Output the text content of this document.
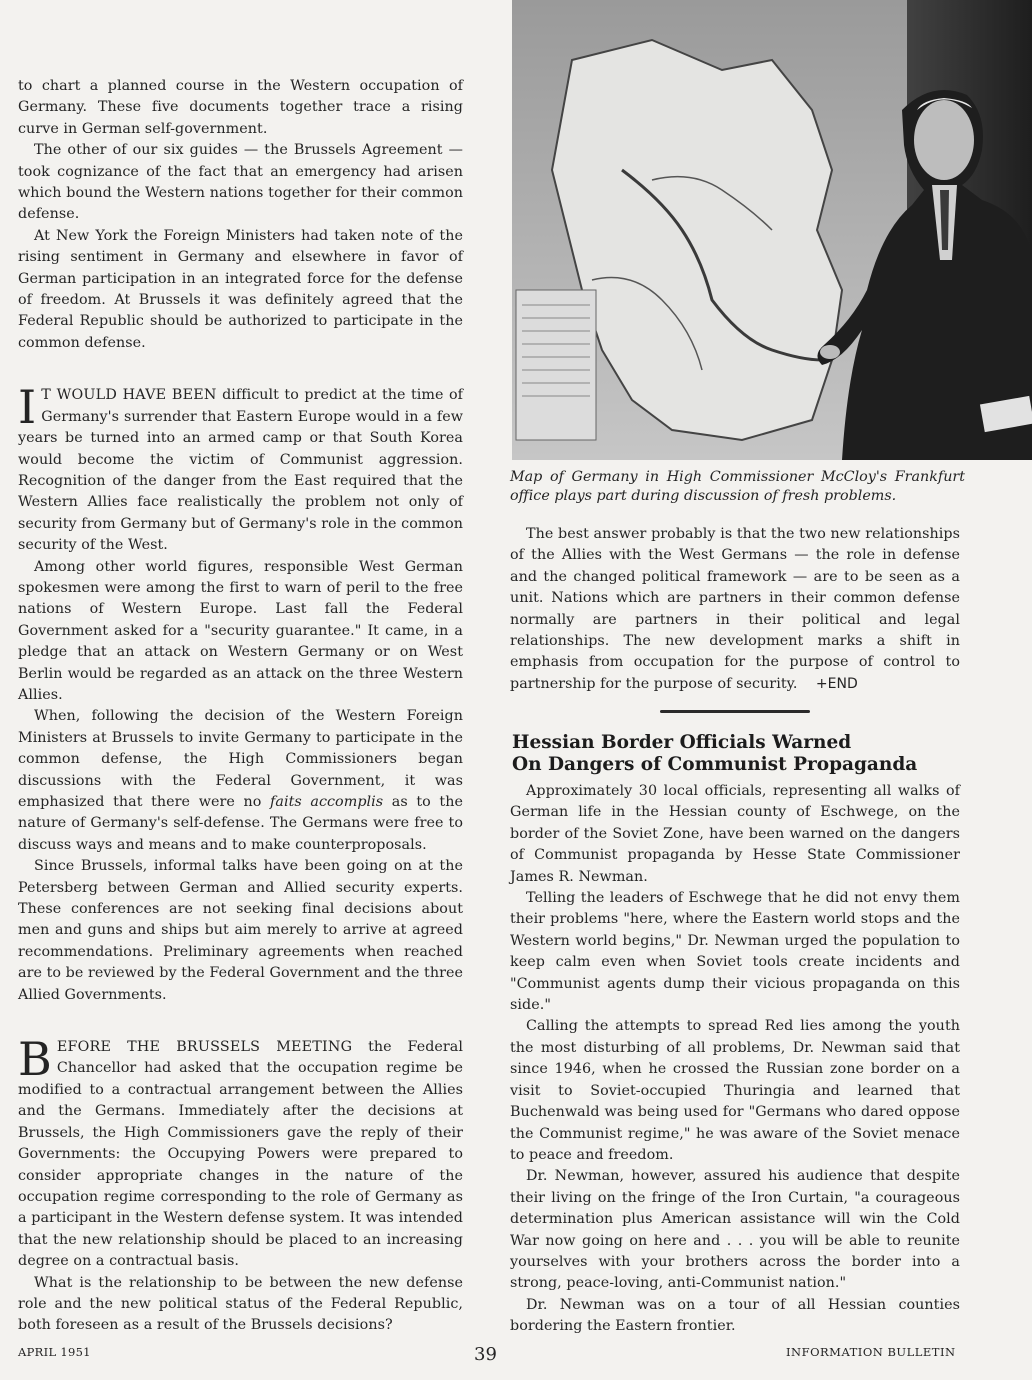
to chart a planned course in the Western occupation of Germany. These five documents together trace a rising curve in German self-government.

The other of our six guides — the Brussels Agreement — took cognizance of the fact that an emergency had arisen which bound the Western nations together for their common defense.

At New York the Foreign Ministers had taken note of the rising sentiment in Germany and elsewhere in favor of German participation in an integrated force for the defense of freedom. At Brussels it was definitely agreed that the Federal Republic should be authorized to participate in the common defense.

I T WOULD HAVE BEEN difficult to predict at the time of Germany's surrender that Eastern Europe would in a few years be turned into an armed camp or that South Korea would become the victim of Communist aggression. Recognition of the danger from the East required that the Western Allies face realistically the problem not only of security from Germany but of Germany's role in the common security of the West.

Among other world figures, responsible West German spokesmen were among the first to warn of peril to the free nations of Western Europe. Last fall the Federal Government asked for a "security guarantee." It came, in a pledge that an attack on Western Germany or on West Berlin would be regarded as an attack on the three Western Allies.

When, following the decision of the Western Foreign Ministers at Brussels to invite Germany to participate in the common defense, the High Commissioners began discussions with the Federal Government, it was emphasized that there were no faits accomplis as to the nature of Germany's self-defense. The Germans were free to discuss ways and means and to make counterproposals.

Since Brussels, informal talks have been going on at the Petersberg between German and Allied security experts. These conferences are not seeking final decisions about men and guns and ships but aim merely to arrive at agreed recommendations. Preliminary agreements when reached are to be reviewed by the Federal Government and the three Allied Governments.

BEFORE THE BRUSSELS MEETING the Federal Chancellor had asked that the occupation regime be modified to a contractual arrangement between the Allies and the Germans. Immediately after the decisions at Brussels, the High Commissioners gave the reply of their Governments: the Occupying Powers were prepared to consider appropriate changes in the nature of the occupation regime corresponding to the role of Germany as a participant in the Western defense system. It was intended that the new relationship should be placed to an increasing degree on a contractual basis.

What is the relationship to be between the new defense role and the new political status of the Federal Republic, both foreseen as a result of the Brussels decisions?

Map of Germany in High Commissioner McCloy's Frankfurt office plays part during discussion of fresh problems.

The best answer probably is that the two new relationships of the Allies with the West Germans — the role in defense and the changed political framework — are to be seen as a unit. Nations which are partners in their common defense normally are partners in their political and legal relationships. The new development marks a shift in emphasis from occupation for the purpose of control to partnership for the purpose of security. +END

Hessian Border Officials Warned
On Dangers of Communist Propaganda

Approximately 30 local officials, representing all walks of German life in the Hessian county of Eschwege, on the border of the Soviet Zone, have been warned on the dangers of Communist propaganda by Hesse State Commissioner James R. Newman.

Telling the leaders of Eschwege that he did not envy them their problems "here, where the Eastern world stops and the Western world begins," Dr. Newman urged the population to keep calm even when Soviet tools create incidents and "Communist agents dump their vicious propaganda on this side."

Calling the attempts to spread Red lies among the youth the most disturbing of all problems, Dr. Newman said that since 1946, when he crossed the Russian zone border on a visit to Soviet-occupied Thuringia and learned that Buchenwald was being used for "Germans who dared oppose the Communist regime," he was aware of the Soviet menace to peace and freedom.

Dr. Newman, however, assured his audience that despite their living on the fringe of the Iron Curtain, "a courageous determination plus American assistance will win the Cold War now going on here and . . . you will be able to reunite yourselves with your brothers across the border into a strong, peace-loving, anti-Communist nation."

Dr. Newman was on a tour of all Hessian counties bordering the Eastern frontier.

APRIL 1951	39	INFORMATION BULLETIN
